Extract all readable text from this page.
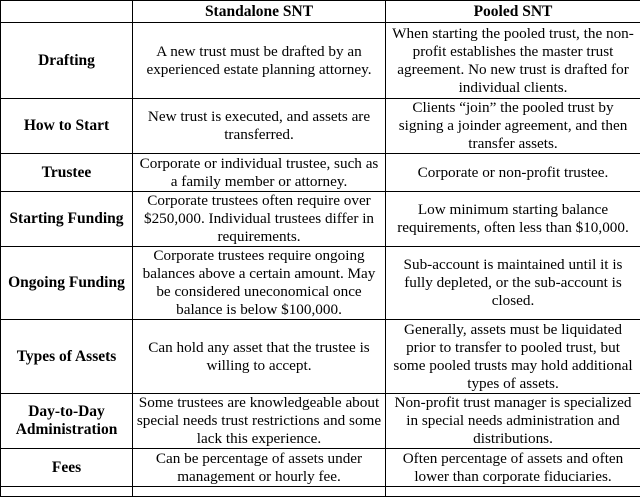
	Standalone SNT	Pooled SNT
Drafting	A new trust must be drafted by an experienced estate planning attorney.	When starting the pooled trust, the non-profit establishes the master trust agreement. No new trust is drafted for individual clients.
How to Start	New trust is executed, and assets are transferred.	Clients “join” the pooled trust by signing a joinder agreement, and then transfer assets.
Trustee	Corporate or individual trustee, such as a family member or attorney.	Corporate or non-profit trustee.
Starting Funding	Corporate trustees often require over $250,000. Individual trustees differ in requirements.	Low minimum starting balance requirements, often less than $10,000.
Ongoing Funding	Corporate trustees require ongoing balances above a certain amount. May be considered uneconomical once balance is below $100,000.	Sub-account is maintained until it is fully depleted, or the sub-account is closed.
Types of Assets	Can hold any asset that the trustee is willing to accept.	Generally, assets must be liquidated prior to transfer to pooled trust, but some pooled trusts may hold additional types of assets.
Day-to-Day Administration	Some trustees are knowledgeable about special needs trust restrictions and some lack this experience.	Non-profit trust manager is specialized in special needs administration and distributions.
Fees	Can be percentage of assets under management or hourly fee.	Often percentage of assets and often lower than corporate fiduciaries.
